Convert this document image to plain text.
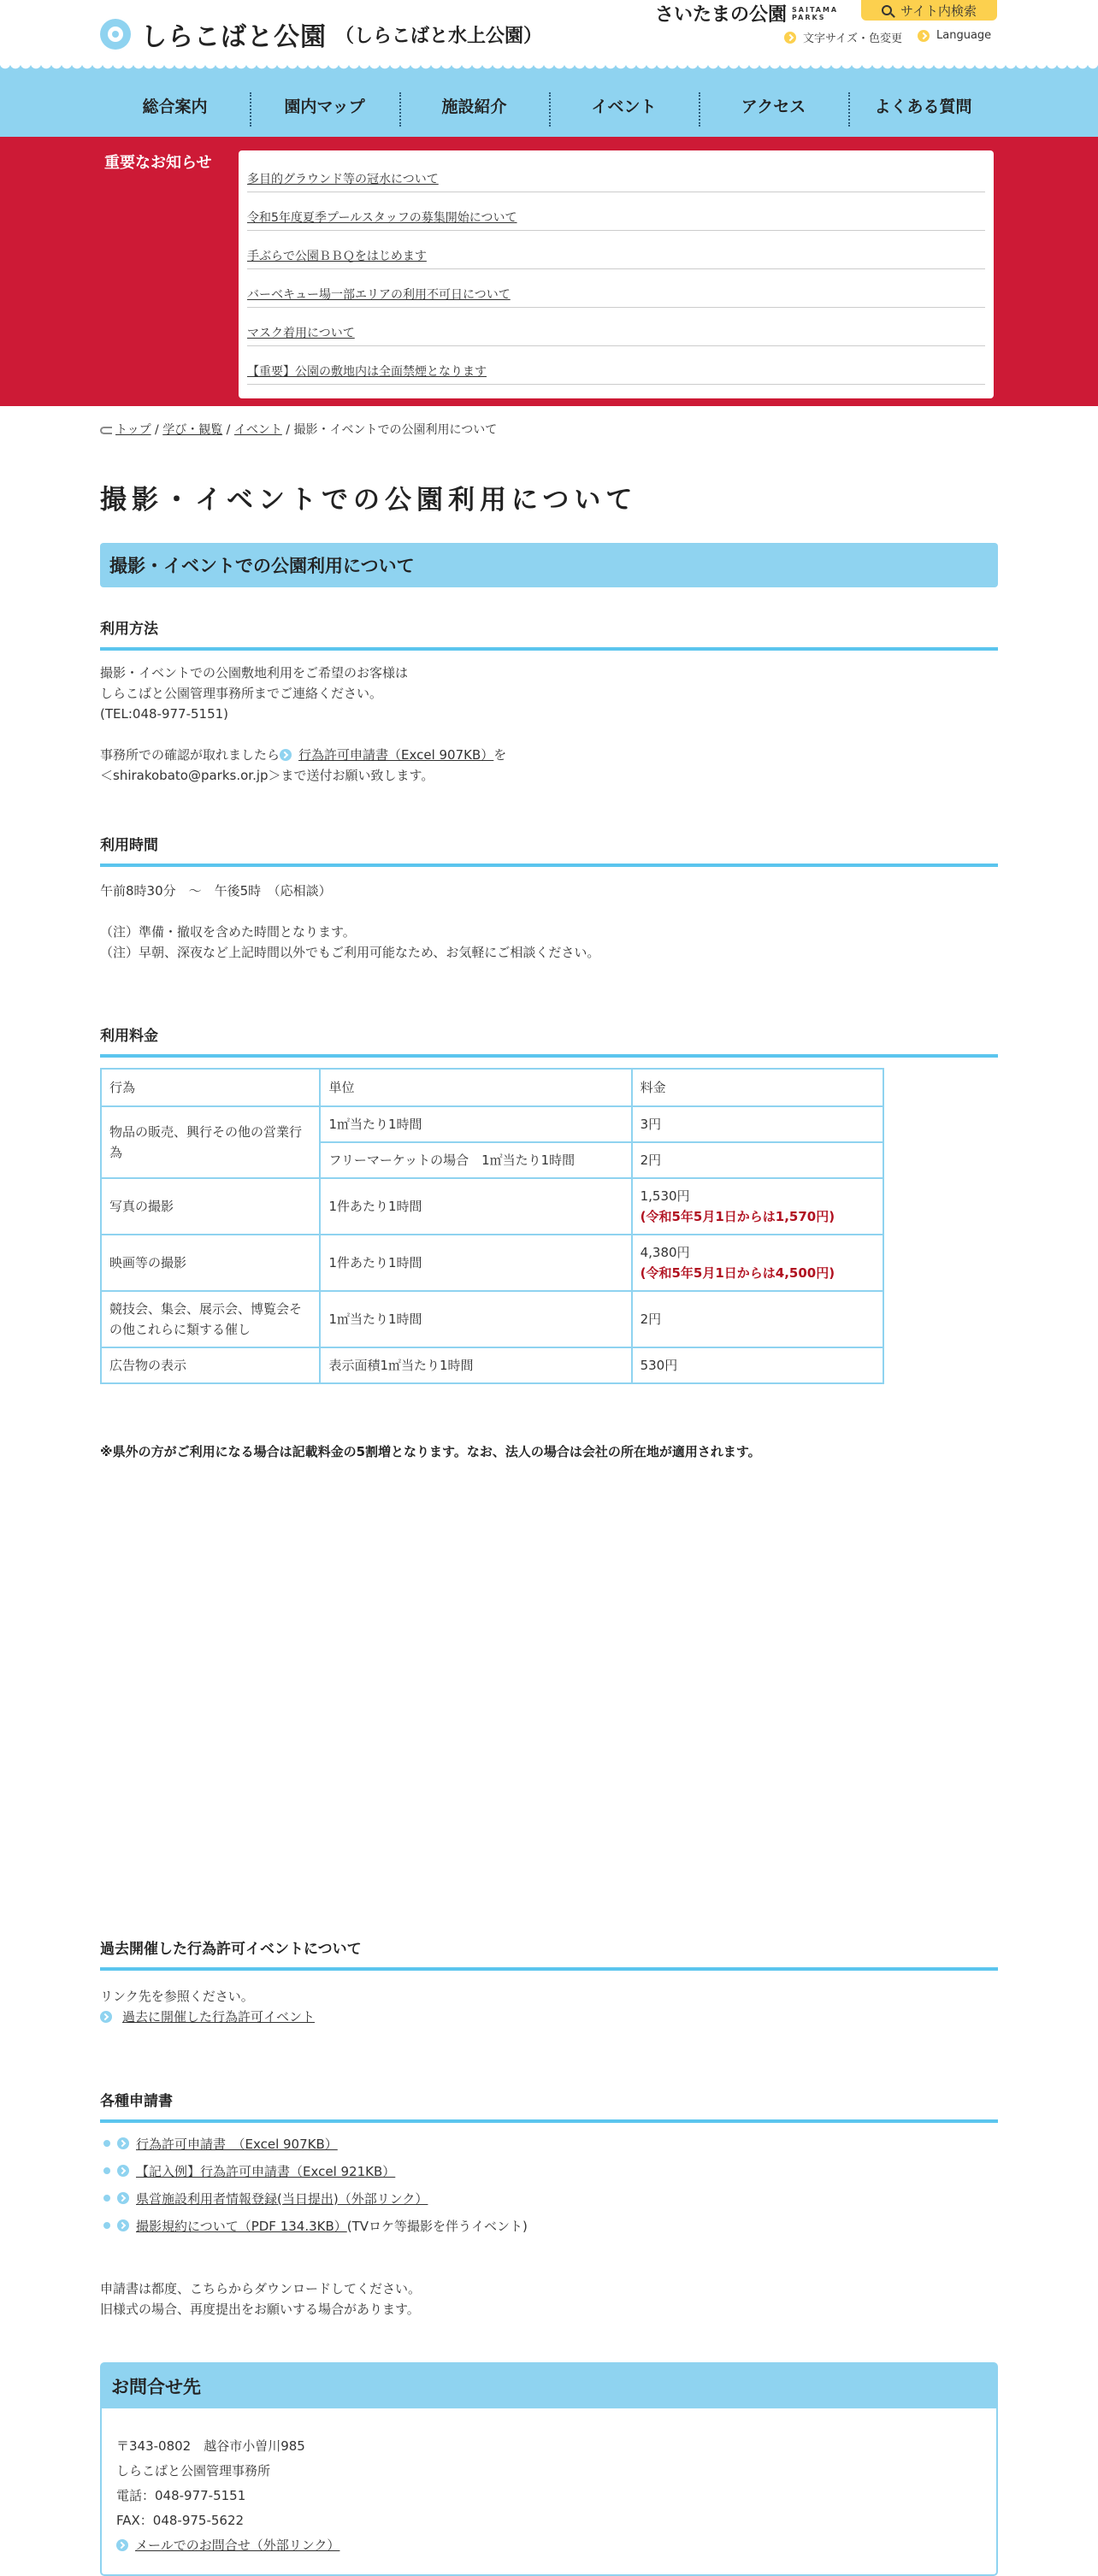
しらこばと公園 （しらこばと水上公園）
さいたまの公園 SAITAMA
PARKS	サイト内検索
文字サイズ・色変更	Language
総合案内	園内マップ	施設紹介	イベント	アクセス	よくある質問
重要なお知らせ
多目的グラウンド等の冠水について
令和5年度夏季プールスタッフの募集開始について
手ぶらで公園ＢＢＱをはじめます
バーベキュー場一部エリアの利用不可日について
マスク着用について
【重要】公園の敷地内は全面禁煙となります
トップ / 学び・観覧 / イベント / 撮影・イベントでの公園利用について
撮影・イベントでの公園利用について
撮影・イベントでの公園利用について
利用方法
撮影・イベントでの公園敷地利用をご希望のお客様は
しらこばと公園管理事務所までご連絡ください。
(TEL:048-977-5151)
事務所での確認が取れましたら 行為許可申請書（Excel 907KB）を
＜shirakobato@parks.or.jp＞まで送付お願い致します。
利用時間
午前8時30分　～　午後5時　（応相談）
（注）準備・撤収を含めた時間となります。
（注）早朝、深夜など上記時間以外でもご利用可能なため、お気軽にご相談ください。
利用料金
行為	単位	料金
物品の販売、興行その他の営業行為	1㎡当たり1時間	3円
	フリーマーケットの場合　1㎡当たり1時間	2円
写真の撮影	1件あたり1時間	1,530円
(令和5年5月1日からは1,570円)

映画等の撮影	1件あたり1時間	4,380円
(令和5年5月1日からは4,500円)

競技会、集会、展示会、博覧会その他これらに類する催し	1㎡当たり1時間	2円
広告物の表示	表示面積1㎡当たり1時間	530円
※県外の方がご利用になる場合は記載料金の5割増となります。なお、法人の場合は会社の所在地が適用されます。
過去開催した行為許可イベントについて
リンク先を参照ください。
過去に開催した行為許可イベント
各種申請書
行為許可申請書　（Excel 907KB）
【記入例】行為許可申請書（Excel 921KB）
県営施設利用者情報登録(当日提出)（外部リンク）
撮影規約について（PDF 134.3KB） (TVロケ等撮影を伴うイベント)
申請書は都度、こちらからダウンロードしてください。
旧様式の場合、再度提出をお願いする場合があります。
お問合せ先
〒343-0802　越谷市小曽川985
しらこばと公園管理事務所
電話：048-977-5151
FAX：048-975-5622
メールでのお問合せ（外部リンク）
